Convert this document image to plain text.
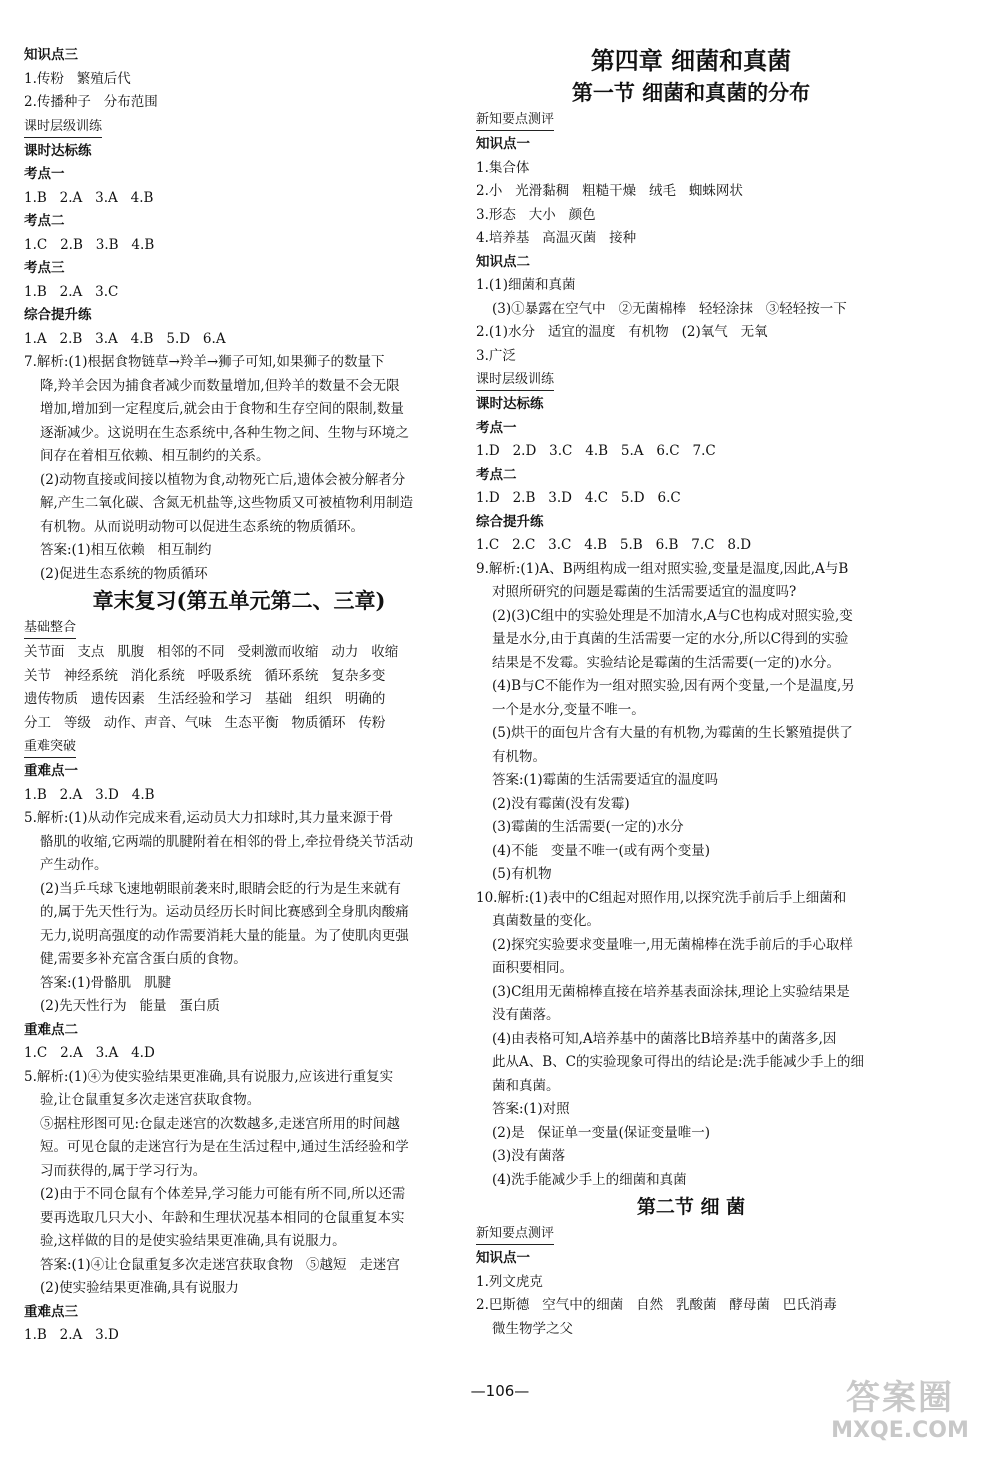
知识点三
1.传粉   繁殖后代
2.传播种子   分布范围
课时层级训练
课时达标练
考点一
1.B   2.A   3.A   4.B
考点二
1.C   2.B   3.B   4.B
考点三
1.B   2.A   3.C
综合提升练
1.A   2.B   3.A   4.B   5.D   6.A
7.解析:(1)根据食物链草→羚羊→狮子可知,如果狮子的数量下
降,羚羊会因为捕食者减少而数量增加,但羚羊的数量不会无限
增加,增加到一定程度后,就会由于食物和生存空间的限制,数量
逐渐减少。这说明在生态系统中,各种生物之间、生物与环境之
间存在着相互依赖、相互制约的关系。
(2)动物直接或间接以植物为食,动物死亡后,遗体会被分解者分
解,产生二氧化碳、含氮无机盐等,这些物质又可被植物利用制造
有机物。从而说明动物可以促进生态系统的物质循环。
答案:(1)相互依赖   相互制约
(2)促进生态系统的物质循环
章末复习(第五单元第二、三章)
基础整合
关节面   支点   肌腹   相邻的不同   受刺激而收缩   动力   收缩
关节   神经系统   消化系统   呼吸系统   循环系统   复杂多变
遗传物质   遗传因素   生活经验和学习   基础   组织   明确的
分工   等级   动作、声音、气味   生态平衡   物质循环   传粉
重难突破
重难点一
1.B   2.A   3.D   4.B
5.解析:(1)从动作完成来看,运动员大力扣球时,其力量来源于骨
骼肌的收缩,它两端的肌腱附着在相邻的骨上,牵拉骨绕关节活动
产生动作。
(2)当乒乓球飞速地朝眼前袭来时,眼睛会眨的行为是生来就有
的,属于先天性行为。运动员经历长时间比赛感到全身肌肉酸痛
无力,说明高强度的动作需要消耗大量的能量。为了使肌肉更强
健,需要多补充富含蛋白质的食物。
答案:(1)骨骼肌   肌腱
(2)先天性行为   能量   蛋白质
重难点二
1.C   2.A   3.A   4.D
5.解析:(1)④为使实验结果更准确,具有说服力,应该进行重复实
验,让仓鼠重复多次走迷宫获取食物。
⑤据柱形图可见:仓鼠走迷宫的次数越多,走迷宫所用的时间越
短。可见仓鼠的走迷宫行为是在生活过程中,通过生活经验和学
习而获得的,属于学习行为。
(2)由于不同仓鼠有个体差异,学习能力可能有所不同,所以还需
要再选取几只大小、年龄和生理状况基本相同的仓鼠重复本实
验,这样做的目的是使实验结果更准确,具有说服力。
答案:(1)④让仓鼠重复多次走迷宫获取食物   ⑤越短   走迷宫
(2)使实验结果更准确,具有说服力
重难点三
1.B   2.A   3.D
第四章 细菌和真菌
第一节 细菌和真菌的分布
新知要点测评
知识点一
1.集合体
2.小   光滑黏稠   粗糙干燥   绒毛   蜘蛛网状
3.形态   大小   颜色
4.培养基   高温灭菌   接种
知识点二
1.(1)细菌和真菌
(3)①暴露在空气中   ②无菌棉棒   轻轻涂抹   ③轻轻按一下
2.(1)水分   适宜的温度   有机物   (2)氧气   无氧
3.广泛
课时层级训练
课时达标练
考点一
1.D   2.D   3.C   4.B   5.A   6.C   7.C
考点二
1.D   2.B   3.D   4.C   5.D   6.C
综合提升练
1.C   2.C   3.C   4.B   5.B   6.B   7.C   8.D
9.解析:(1)A、B两组构成一组对照实验,变量是温度,因此,A与B
对照所研究的问题是霉菌的生活需要适宜的温度吗?
(2)(3)C组中的实验处理是不加清水,A与C也构成对照实验,变
量是水分,由于真菌的生活需要一定的水分,所以C得到的实验
结果是不发霉。实验结论是霉菌的生活需要(一定的)水分。
(4)B与C不能作为一组对照实验,因有两个变量,一个是温度,另
一个是水分,变量不唯一。
(5)烘干的面包片含有大量的有机物,为霉菌的生长繁殖提供了
有机物。
答案:(1)霉菌的生活需要适宜的温度吗
(2)没有霉菌(没有发霉)
(3)霉菌的生活需要(一定的)水分
(4)不能   变量不唯一(或有两个变量)
(5)有机物
10.解析:(1)表中的C组起对照作用,以探究洗手前后手上细菌和
真菌数量的变化。
(2)探究实验要求变量唯一,用无菌棉棒在洗手前后的手心取样
面积要相同。
(3)C组用无菌棉棒直接在培养基表面涂抹,理论上实验结果是
没有菌落。
(4)由表格可知,A培养基中的菌落比B培养基中的菌落多,因
此从A、B、C的实验现象可得出的结论是:洗手能减少手上的细
菌和真菌。
答案:(1)对照
(2)是   保证单一变量(保证变量唯一)
(3)没有菌落
(4)洗手能减少手上的细菌和真菌
第二节 细 菌
新知要点测评
知识点一
1.列文虎克
2.巴斯德   空气中的细菌   自然   乳酸菌   酵母菌   巴氏消毒
微生物学之父
—106—	答案圈
MXQE.COM
